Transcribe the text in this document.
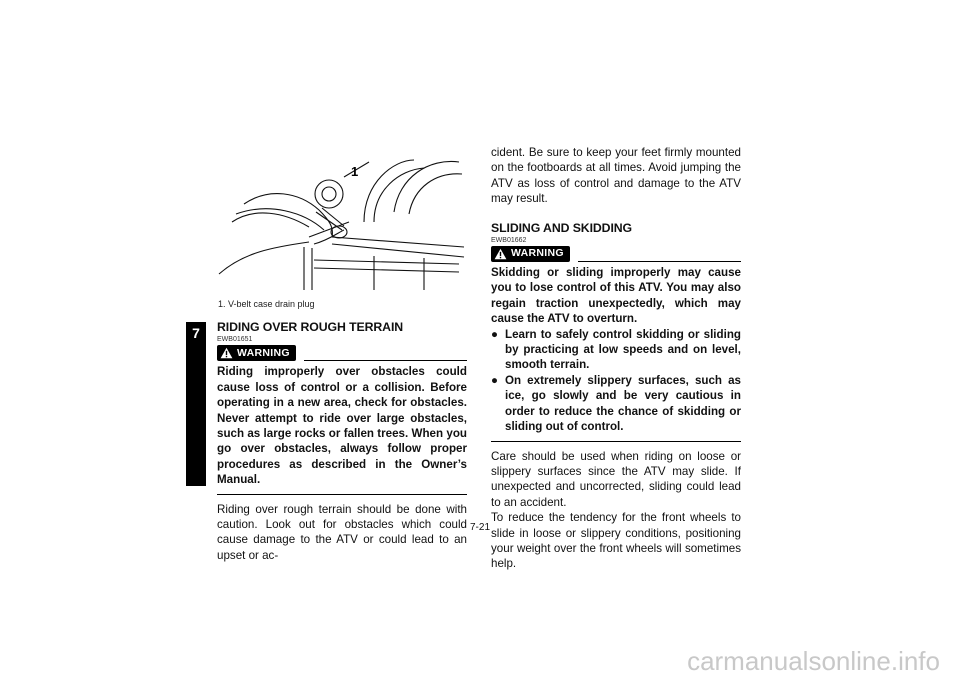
7
1
1. V-belt case drain plug

RIDING OVER ROUGH TERRAIN

EWB01651

WARNING

Riding improperly over obstacles could cause loss of control or a collision. Before operating in a new area, check for obstacles. Never attempt to ride over large obstacles, such as large rocks or fallen trees. When you go over obstacles, always follow proper procedures as described in the Owner’s Manual.

Riding over rough terrain should be done with caution. Look out for obstacles which could cause damage to the ATV or could lead to an upset or ac-

cident. Be sure to keep your feet firmly mounted on the footboards at all times. Avoid jumping the ATV as loss of control and damage to the ATV may result.

SLIDING AND SKIDDING

EWB01662

WARNING

Skidding or sliding improperly may cause you to lose control of this ATV. You may also regain traction unexpectedly, which may cause the ATV to overturn.

● Learn to safely control skidding or sliding by practicing at low speeds and on level, smooth terrain.
● On extremely slippery surfaces, such as ice, go slowly and be very cautious in order to reduce the chance of skidding or sliding out of control.

Care should be used when riding on loose or slippery surfaces since the ATV may slide. If unexpected and uncorrected, sliding could lead to an accident.

To reduce the tendency for the front wheels to slide in loose or slippery conditions, positioning your weight over the front wheels will sometimes help.

7-21
carmanualsonline.info
